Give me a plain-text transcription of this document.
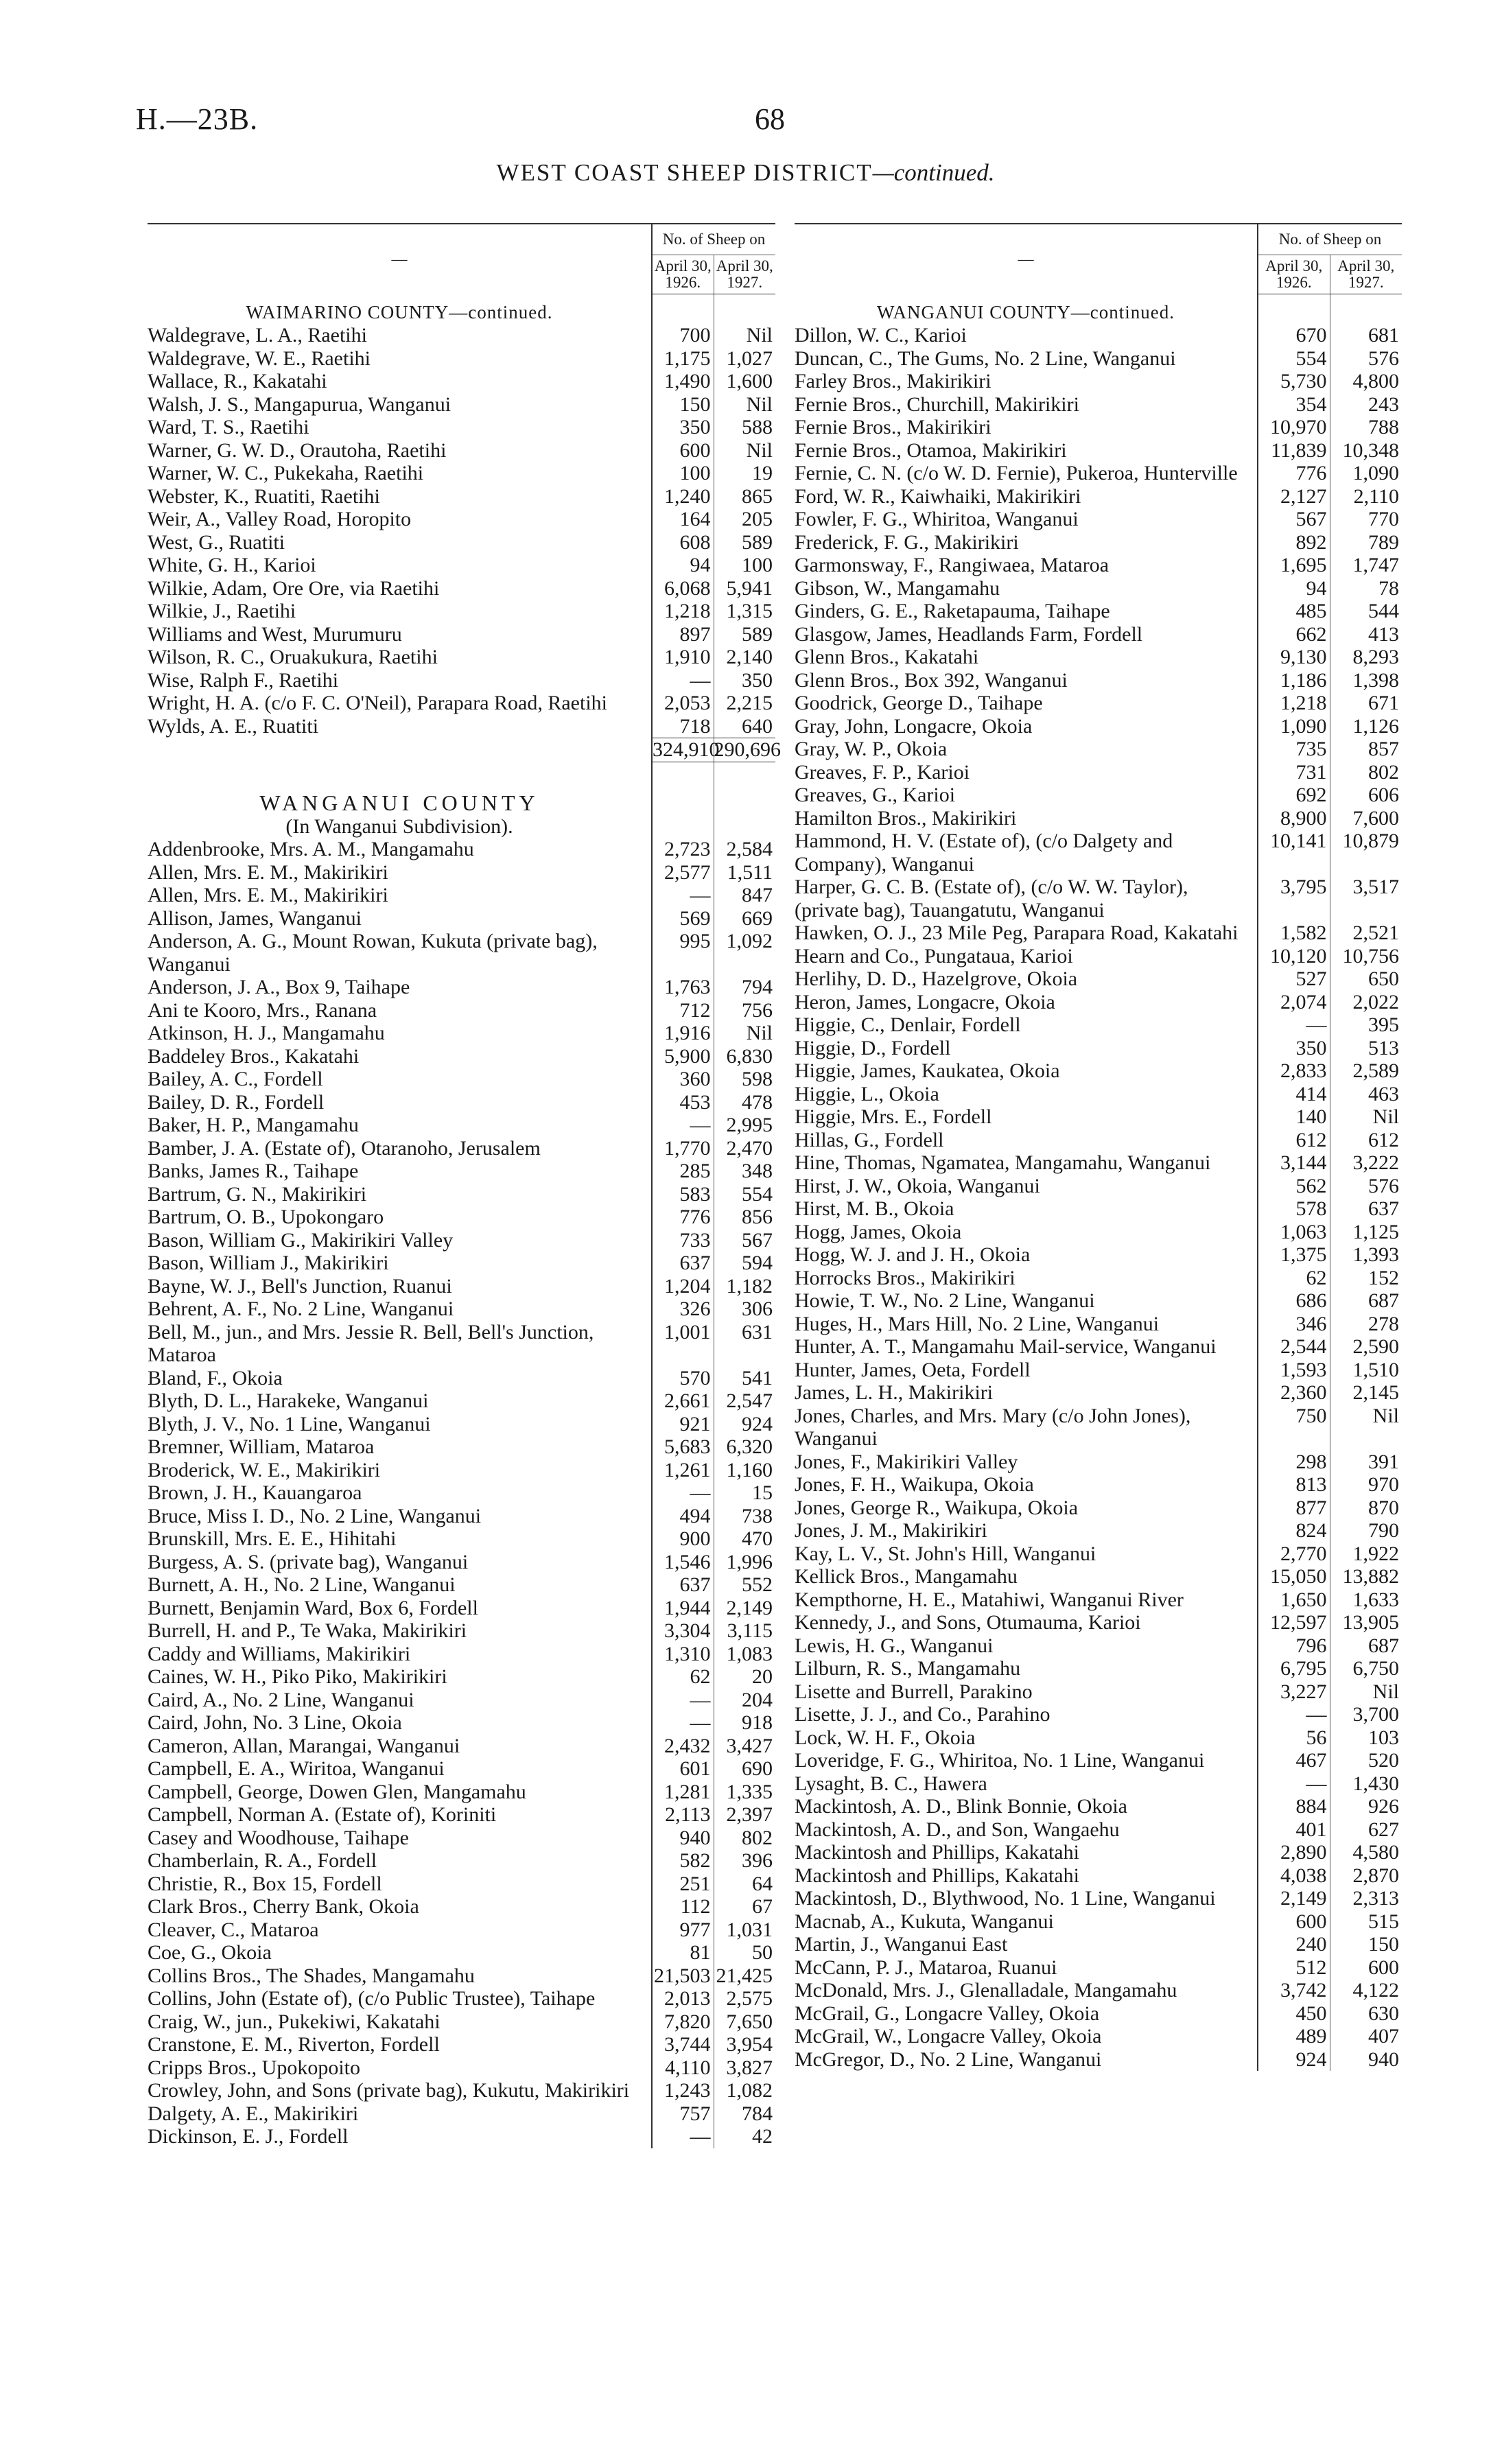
H.—23B.	68
WEST COAST SHEEP DISTRICT—continued.
—	No. of Sheep on	
	April 30, 1926.	April 30, 1927.
WAIMARINO COUNTY—continued.		
Waldegrave, L. A., Raetihi	700	Nil
Waldegrave, W. E., Raetihi	1,175	1,027
Wallace, R., Kakatahi	1,490	1,600
Walsh, J. S., Mangapurua, Wanganui	150	Nil
Ward, T. S., Raetihi	350	588
Warner, G. W. D., Orautoha, Raetihi	600	Nil
Warner, W. C., Pukekaha, Raetihi	100	19
Webster, K., Ruatiti, Raetihi	1,240	865
Weir, A., Valley Road, Horopito	164	205
West, G., Ruatiti	608	589
White, G. H., Karioi	94	100
Wilkie, Adam, Ore Ore, via Raetihi	6,068	5,941
Wilkie, J., Raetihi	1,218	1,315
Williams and West, Murumuru	897	589
Wilson, R. C., Oruakukura, Raetihi	1,910	2,140
Wise, Ralph F., Raetihi	—	350
Wright, H. A. (c/o F. C. O'Neil), Parapara Road, Raetihi	2,053	2,215
Wylds, A. E., Ruatiti	718	640
	324,910	290,696
WANGANUI COUNTY		
(In Wanganui Subdivision).		
Addenbrooke, Mrs. A. M., Mangamahu	2,723	2,584
Allen, Mrs. E. M., Makirikiri	2,577	1,511
Allen, Mrs. E. M., Makirikiri	—	847
Allison, James, Wanganui	569	669
Anderson, A. G., Mount Rowan, Kukuta (private bag), Wanganui	995	1,092
Anderson, J. A., Box 9, Taihape	1,763	794
Ani te Kooro, Mrs., Ranana	712	756
Atkinson, H. J., Mangamahu	1,916	Nil
Baddeley Bros., Kakatahi	5,900	6,830
Bailey, A. C., Fordell	360	598
Bailey, D. R., Fordell	453	478
Baker, H. P., Mangamahu	—	2,995
Bamber, J. A. (Estate of), Otaranoho, Jerusalem	1,770	2,470
Banks, James R., Taihape	285	348
Bartrum, G. N., Makirikiri	583	554
Bartrum, O. B., Upokongaro	776	856
Bason, William G., Makirikiri Valley	733	567
Bason, William J., Makirikiri	637	594
Bayne, W. J., Bell's Junction, Ruanui	1,204	1,182
Behrent, A. F., No. 2 Line, Wanganui	326	306
Bell, M., jun., and Mrs. Jessie R. Bell, Bell's Junction, Mataroa	1,001	631
Bland, F., Okoia	570	541
Blyth, D. L., Harakeke, Wanganui	2,661	2,547
Blyth, J. V., No. 1 Line, Wanganui	921	924
Bremner, William, Mataroa	5,683	6,320
Broderick, W. E., Makirikiri	1,261	1,160
Brown, J. H., Kauangaroa	—	15
Bruce, Miss I. D., No. 2 Line, Wanganui	494	738
Brunskill, Mrs. E. E., Hihitahi	900	470
Burgess, A. S. (private bag), Wanganui	1,546	1,996
Burnett, A. H., No. 2 Line, Wanganui	637	552
Burnett, Benjamin Ward, Box 6, Fordell	1,944	2,149
Burrell, H. and P., Te Waka, Makirikiri	3,304	3,115
Caddy and Williams, Makirikiri	1,310	1,083
Caines, W. H., Piko Piko, Makirikiri	62	20
Caird, A., No. 2 Line, Wanganui	—	204
Caird, John, No. 3 Line, Okoia	—	918
Cameron, Allan, Marangai, Wanganui	2,432	3,427
Campbell, E. A., Wiritoa, Wanganui	601	690
Campbell, George, Dowen Glen, Mangamahu	1,281	1,335
Campbell, Norman A. (Estate of), Koriniti	2,113	2,397
Casey and Woodhouse, Taihape	940	802
Chamberlain, R. A., Fordell	582	396
Christie, R., Box 15, Fordell	251	64
Clark Bros., Cherry Bank, Okoia	112	67
Cleaver, C., Mataroa	977	1,031
Coe, G., Okoia	81	50
Collins Bros., The Shades, Mangamahu	21,503	21,425
Collins, John (Estate of), (c/o Public Trustee), Taihape	2,013	2,575
Craig, W., jun., Pukekiwi, Kakatahi	7,820	7,650
Cranstone, E. M., Riverton, Fordell	3,744	3,954
Cripps Bros., Upokopoito	4,110	3,827
Crowley, John, and Sons (private bag), Kukutu, Makirikiri	1,243	1,082
Dalgety, A. E., Makirikiri	757	784
Dickinson, E. J., Fordell	—	42
—	No. of Sheep on	
	April 30, 1926.	April 30, 1927.
WANGANUI COUNTY—continued.		
Dillon, W. C., Karioi	670	681
Duncan, C., The Gums, No. 2 Line, Wanganui	554	576
Farley Bros., Makirikiri	5,730	4,800
Fernie Bros., Churchill, Makirikiri	354	243
Fernie Bros., Makirikiri	10,970	788
Fernie Bros., Otamoa, Makirikiri	11,839	10,348
Fernie, C. N. (c/o W. D. Fernie), Pukeroa, Hunterville	776	1,090
Ford, W. R., Kaiwhaiki, Makirikiri	2,127	2,110
Fowler, F. G., Whiritoa, Wanganui	567	770
Frederick, F. G., Makirikiri	892	789
Garmonsway, F., Rangiwaea, Mataroa	1,695	1,747
Gibson, W., Mangamahu	94	78
Ginders, G. E., Raketapauma, Taihape	485	544
Glasgow, James, Headlands Farm, Fordell	662	413
Glenn Bros., Kakatahi	9,130	8,293
Glenn Bros., Box 392, Wanganui	1,186	1,398
Goodrick, George D., Taihape	1,218	671
Gray, John, Longacre, Okoia	1,090	1,126
Gray, W. P., Okoia	735	857
Greaves, F. P., Karioi	731	802
Greaves, G., Karioi	692	606
Hamilton Bros., Makirikiri	8,900	7,600
Hammond, H. V. (Estate of), (c/o Dalgety and Company), Wanganui	10,141	10,879
Harper, G. C. B. (Estate of), (c/o W. W. Taylor), (private bag), Tauangatutu, Wanganui	3,795	3,517
Hawken, O. J., 23 Mile Peg, Parapara Road, Kakatahi	1,582	2,521
Hearn and Co., Pungataua, Karioi	10,120	10,756
Herlihy, D. D., Hazelgrove, Okoia	527	650
Heron, James, Longacre, Okoia	2,074	2,022
Higgie, C., Denlair, Fordell	—	395
Higgie, D., Fordell	350	513
Higgie, James, Kaukatea, Okoia	2,833	2,589
Higgie, L., Okoia	414	463
Higgie, Mrs. E., Fordell	140	Nil
Hillas, G., Fordell	612	612
Hine, Thomas, Ngamatea, Mangamahu, Wanganui	3,144	3,222
Hirst, J. W., Okoia, Wanganui	562	576
Hirst, M. B., Okoia	578	637
Hogg, James, Okoia	1,063	1,125
Hogg, W. J. and J. H., Okoia	1,375	1,393
Horrocks Bros., Makirikiri	62	152
Howie, T. W., No. 2 Line, Wanganui	686	687
Huges, H., Mars Hill, No. 2 Line, Wanganui	346	278
Hunter, A. T., Mangamahu Mail-service, Wanganui	2,544	2,590
Hunter, James, Oeta, Fordell	1,593	1,510
James, L. H., Makirikiri	2,360	2,145
Jones, Charles, and Mrs. Mary (c/o John Jones), Wanganui	750	Nil
Jones, F., Makirikiri Valley	298	391
Jones, F. H., Waikupa, Okoia	813	970
Jones, George R., Waikupa, Okoia	877	870
Jones, J. M., Makirikiri	824	790
Kay, L. V., St. John's Hill, Wanganui	2,770	1,922
Kellick Bros., Mangamahu	15,050	13,882
Kempthorne, H. E., Matahiwi, Wanganui River	1,650	1,633
Kennedy, J., and Sons, Otumauma, Karioi	12,597	13,905
Lewis, H. G., Wanganui	796	687
Lilburn, R. S., Mangamahu	6,795	6,750
Lisette and Burrell, Parakino	3,227	Nil
Lisette, J. J., and Co., Parahino	—	3,700
Lock, W. H. F., Okoia	56	103
Loveridge, F. G., Whiritoa, No. 1 Line, Wanganui	467	520
Lysaght, B. C., Hawera	—	1,430
Mackintosh, A. D., Blink Bonnie, Okoia	884	926
Mackintosh, A. D., and Son, Wangaehu	401	627
Mackintosh and Phillips, Kakatahi	2,890	4,580
Mackintosh and Phillips, Kakatahi	4,038	2,870
Mackintosh, D., Blythwood, No. 1 Line, Wanganui	2,149	2,313
Macnab, A., Kukuta, Wanganui	600	515
Martin, J., Wanganui East	240	150
McCann, P. J., Mataroa, Ruanui	512	600
McDonald, Mrs. J., Glenalladale, Mangamahu	3,742	4,122
McGrail, G., Longacre Valley, Okoia	450	630
McGrail, W., Longacre Valley, Okoia	489	407
McGregor, D., No. 2 Line, Wanganui	924	940
